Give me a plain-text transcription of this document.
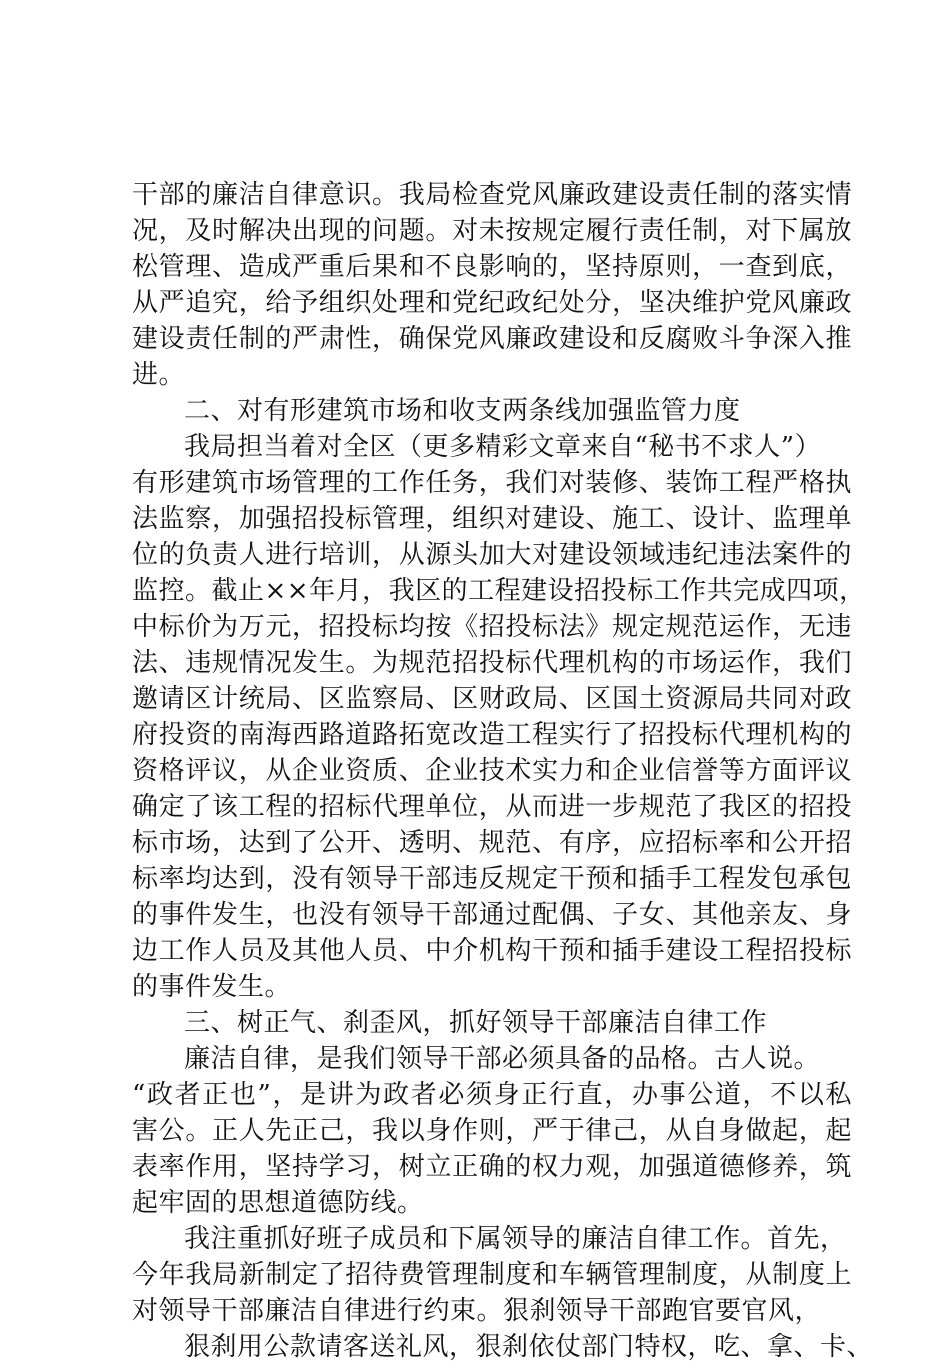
干部的廉洁自律意识。我局检查党风廉政建设责任制的落实情
况，及时解决出现的问题。对未按规定履行责任制，对下属放
松管理、造成严重后果和不良影响的，坚持原则，一查到底，
从严追究，给予组织处理和党纪政纪处分，坚决维护党风廉政
建设责任制的严肃性，确保党风廉政建设和反腐败斗争深入推
进。
二、对有形建筑市场和收支两条线加强监管力度
我局担当着对全区（更多精彩文章来自“秘书不求人”）
有形建筑市场管理的工作任务，我们对装修、装饰工程严格执
法监察，加强招投标管理，组织对建设、施工、设计、监理单
位的负责人进行培训，从源头加大对建设领域违纪违法案件的
监控。截止××年月，我区的工程建设招投标工作共完成四项，
中标价为万元，招投标均按《招投标法》规定规范运作，无违
法、违规情况发生。为规范招投标代理机构的市场运作，我们
邀请区计统局、区监察局、区财政局、区国土资源局共同对政
府投资的南海西路道路拓宽改造工程实行了招投标代理机构的
资格评议，从企业资质、企业技术实力和企业信誉等方面评议
确定了该工程的招标代理单位，从而进一步规范了我区的招投
标市场，达到了公开、透明、规范、有序，应招标率和公开招
标率均达到，没有领导干部违反规定干预和插手工程发包承包
的事件发生，也没有领导干部通过配偶、子女、其他亲友、身
边工作人员及其他人员、中介机构干预和插手建设工程招投标
的事件发生。
三、树正气、刹歪风，抓好领导干部廉洁自律工作
廉洁自律，是我们领导干部必须具备的品格。古人说。
“政者正也”，是讲为政者必须身正行直，办事公道，不以私
害公。正人先正己，我以身作则，严于律己，从自身做起，起
表率作用，坚持学习，树立正确的权力观，加强道德修养，筑
起牢固的思想道德防线。
我注重抓好班子成员和下属领导的廉洁自律工作。首先，
今年我局新制定了招待费管理制度和车辆管理制度，从制度上
对领导干部廉洁自律进行约束。狠刹领导干部跑官要官风，
狠刹用公款请客送礼风，狠刹依仗部门特权，吃、拿、卡、
